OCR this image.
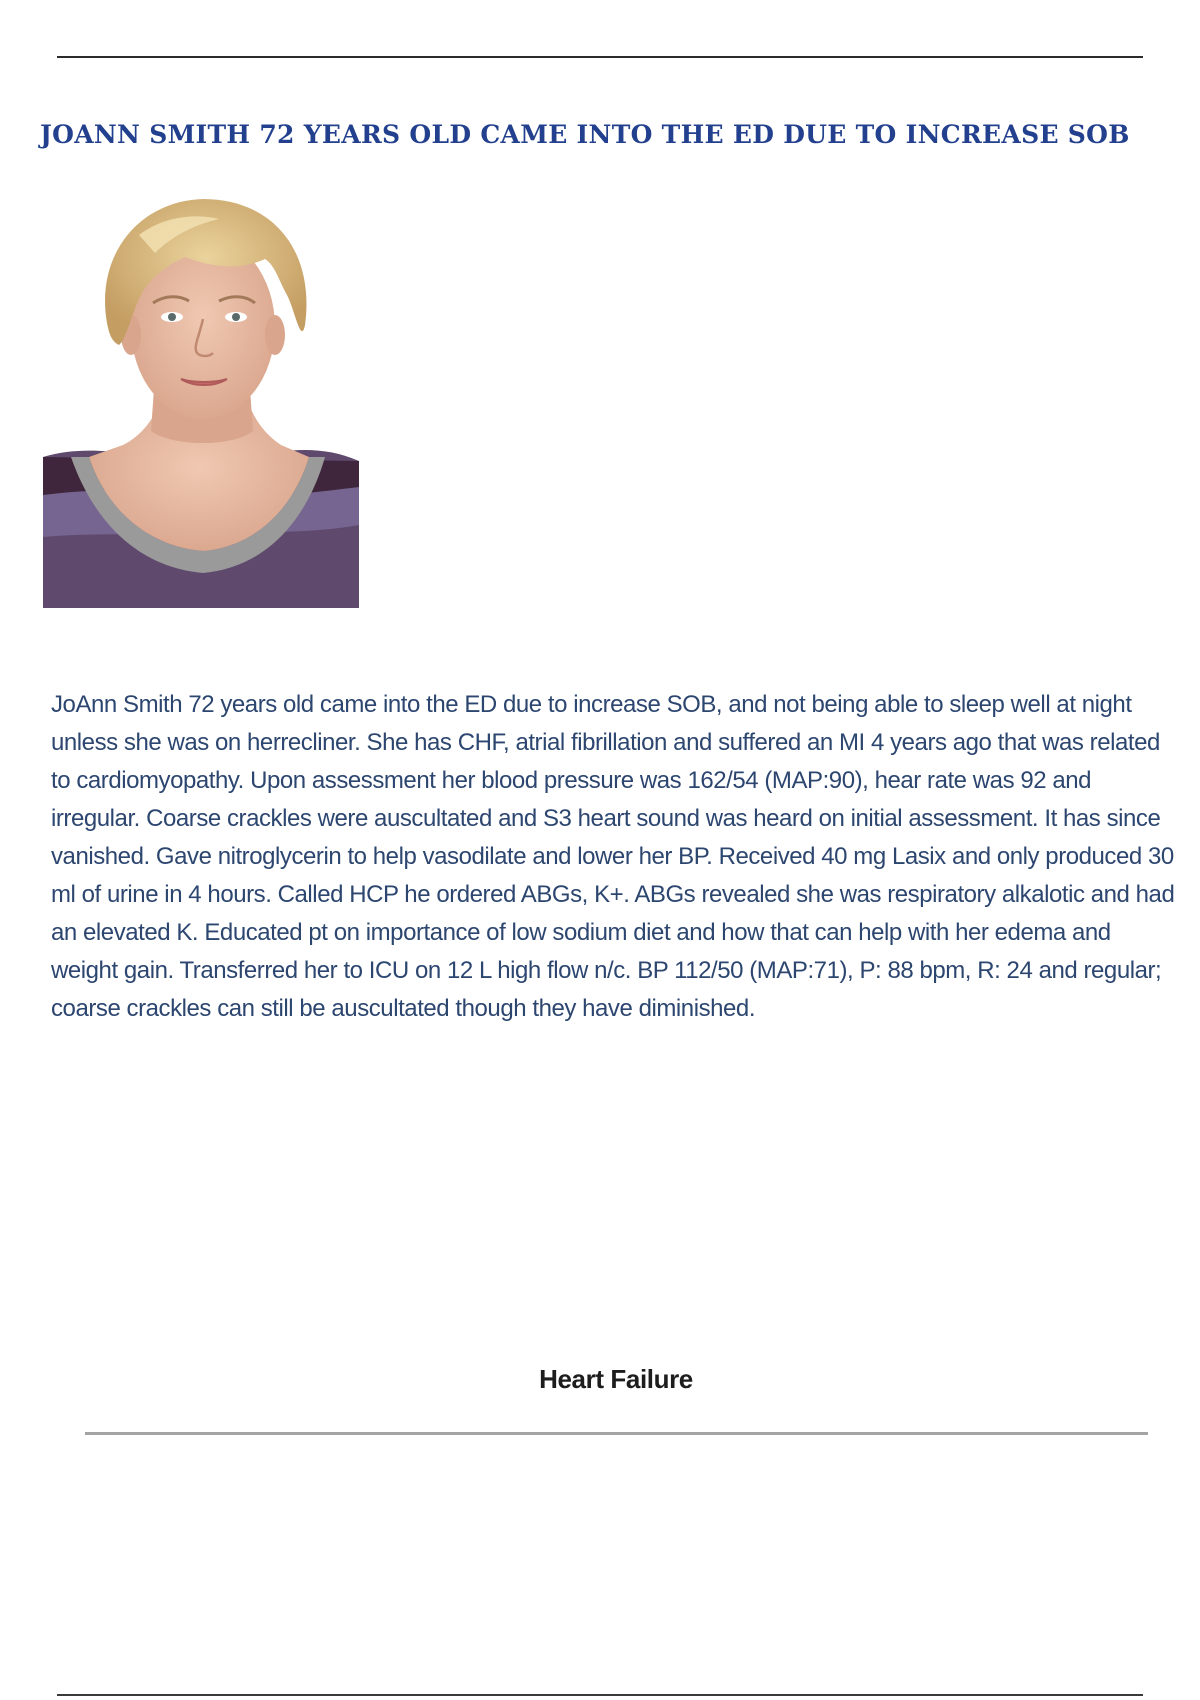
JOANN SMITH 72 YEARS OLD CAME INTO THE ED DUE TO INCREASE SOB

JoAnn Smith 72 years old came into the ED due to increase SOB, and not being able to sleep well at night unless she was on herrecliner. She has CHF, atrial fibrillation and suffered an MI 4 years ago that was related to cardiomyopathy. Upon assessment her blood pressure was 162/54 (MAP:90), hear rate was 92 and irregular. Coarse crackles were auscultated and S3 heart sound was heard on initial assessment. It has since vanished. Gave nitroglycerin to help vasodilate and lower her BP. Received 40 mg Lasix and only produced 30 ml of urine in 4 hours. Called HCP he ordered ABGs, K+. ABGs revealed she was respiratory alkalotic and had an elevated K. Educated pt on importance of low sodium diet and how that can help with her edema and weight gain. Transferred her to ICU on 12 L high flow n/c. BP 112/50 (MAP:71), P: 88 bpm, R: 24 and regular; coarse crackles can still be auscultated though they have diminished.

Heart Failure
